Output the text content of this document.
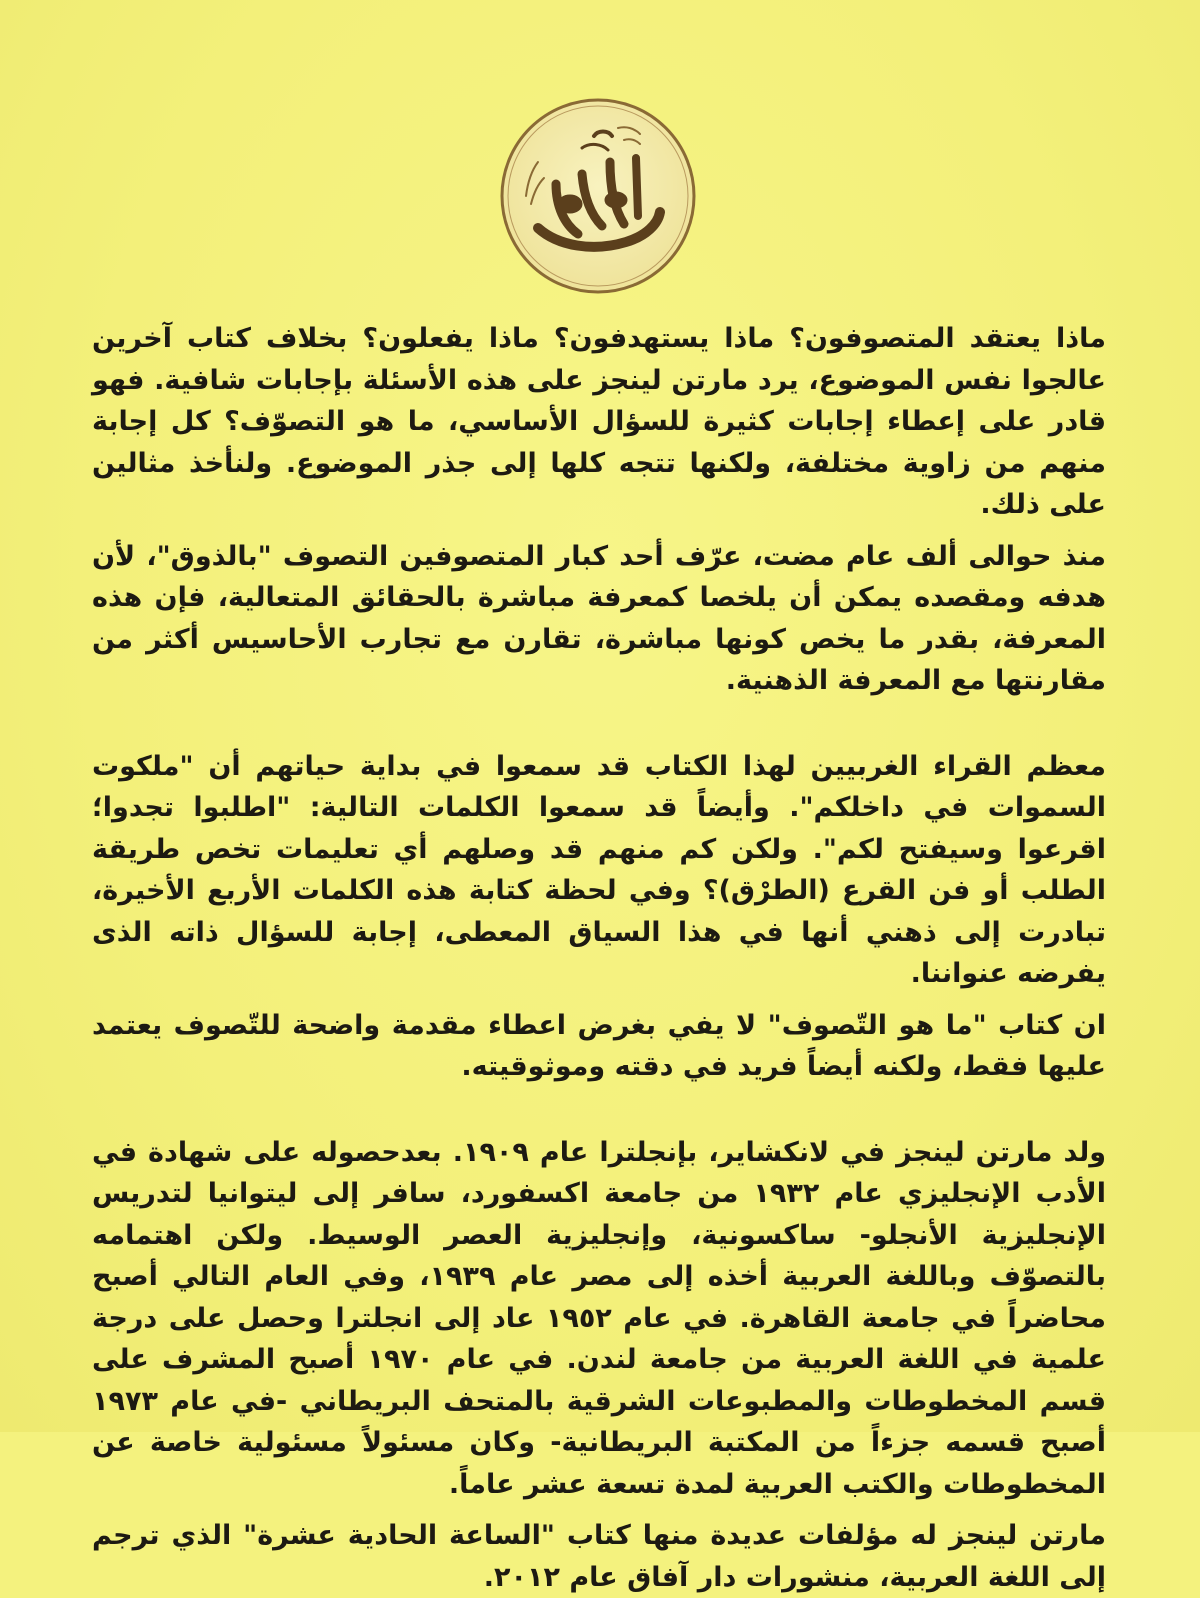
ماذا يعتقد المتصوفون؟ ماذا يستهدفون؟ ماذا يفعلون؟ بخلاف كتاب آخرين عالجوا نفس الموضوع، يرد مارتن لينجز على هذه الأسئلة بإجابات شافية. فهو قادر على إعطاء إجابات كثيرة للسؤال الأساسي، ما هو التصوّف؟ كل إجابة منهم من زاوية مختلفة، ولكنها تتجه كلها إلى جذر الموضوع. ولنأخذ مثالين على ذلك.

منذ حوالى ألف عام مضت، عرّف أحد كبار المتصوفين التصوف "بالذوق"، لأن هدفه ومقصده يمكن أن يلخصا كمعرفة مباشرة بالحقائق المتعالية، فإن هذه المعرفة، بقدر ما يخص كونها مباشرة، تقارن مع تجارب الأحاسيس أكثر من مقارنتها مع المعرفة الذهنية.

معظم القراء الغربيين لهذا الكتاب قد سمعوا في بداية حياتهم أن "ملكوت السموات في داخلكم". وأيضاً قد سمعوا الكلمات التالية: "اطلبوا تجدوا؛ اقرعوا وسيفتح لكم". ولكن كم منهم قد وصلهم أي تعليمات تخص طريقة الطلب أو فن القرع (الطرْق)؟ وفي لحظة كتابة هذه الكلمات الأربع الأخيرة، تبادرت إلى ذهني أنها في هذا السياق المعطى، إجابة للسؤال ذاته الذى يفرضه عنواننا.

ان كتاب "ما هو التّصوف" لا يفي بغرض اعطاء مقدمة واضحة للتّصوف يعتمد عليها فقط، ولكنه أيضاً فريد في دقته وموثوقيته.

ولد مارتن لينجز في لانكشاير، بإنجلترا عام ١٩٠٩. بعدحصوله على شهادة في الأدب الإنجليزي عام ١٩٣٢ من جامعة اكسفورد، سافر إلى ليتوانيا لتدريس الإنجليزية الأنجلو- ساكسونية، وإنجليزية العصر الوسيط. ولكن اهتمامه بالتصوّف وباللغة العربية أخذه إلى مصر عام ١٩٣٩، وفي العام التالي أصبح محاضراً في جامعة القاهرة. في عام ١٩٥٢ عاد إلى انجلترا وحصل على درجة علمية في اللغة العربية من جامعة لندن. في عام ١٩٧٠ أصبح المشرف على قسم المخطوطات والمطبوعات الشرقية بالمتحف البريطاني -في عام ١٩٧٣ أصبح قسمه جزءاً من المكتبة البريطانية- وكان مسئولاً مسئولية خاصة عن المخطوطات والكتب العربية لمدة تسعة عشر عاماً.

مارتن لينجز له مؤلفات عديدة منها كتاب "الساعة الحادية عشرة" الذي ترجم إلى اللغة العربية، منشورات دار آفاق عام ٢٠١٢.
